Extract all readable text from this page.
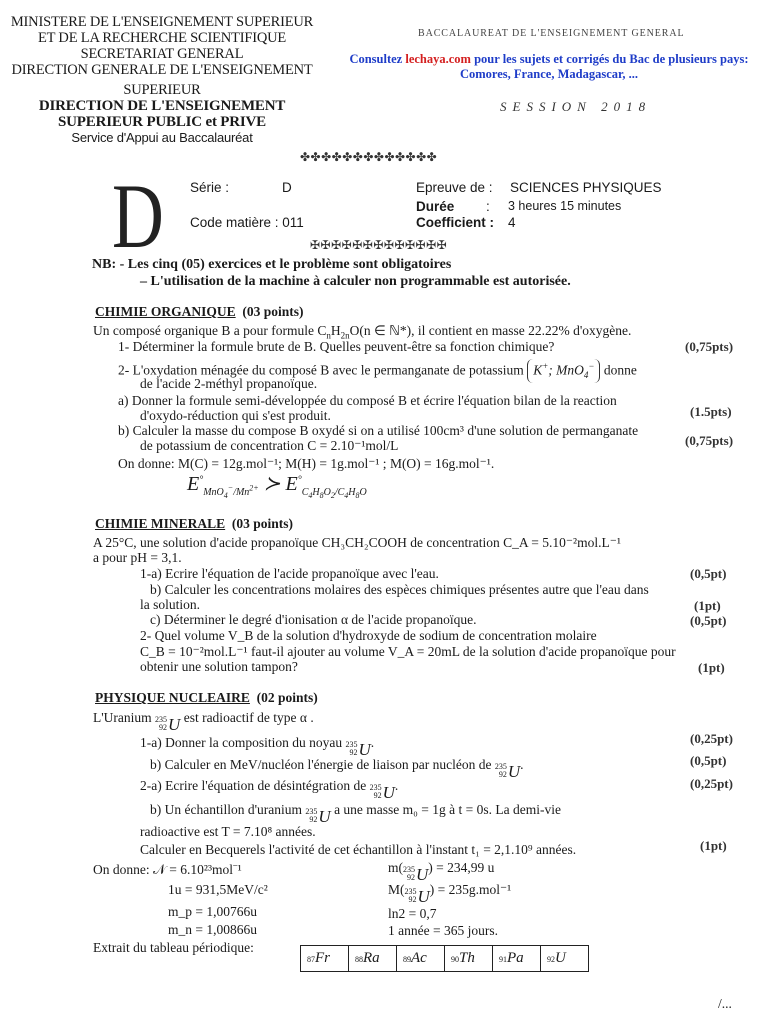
MINISTERE DE L'ENSEIGNEMENT SUPERIEUR
ET DE LA RECHERCHE SCIENTIFIQUE
SECRETARIAT GENERAL
DIRECTION GENERALE DE L'ENSEIGNEMENT
SUPERIEUR
DIRECTION DE L'ENSEIGNEMENT
SUPERIEUR PUBLIC et PRIVE
Service d'Appui au Baccalauréat
BACCALAUREAT DE L'ENSEIGNEMENT GENERAL
Consultez lechaya.com pour les sujets et corrigés du Bac de plusieurs pays:
Comores, France, Madagascar, ...
SESSION 2018
✤✤✤✤✤✤✤✤✤✤✤✤✤
D Série :	D
Code matière : 011
Epreuve de : SCIENCES PHYSIQUES
Durée : 3 heures 15 minutes
Coefficient : 4
✠✠✠✠✠✠✠✠✠✠✠✠✠
NB: - Les cinq (05) exercices et le problème sont obligatoires
– L'utilisation de la machine à calculer non programmable est autorisée.
CHIMIE ORGANIQUE (03 points)
Un composé organique B a pour formule $C_nH_{2n}O(n$ ∈ ℕ*), il contient en masse 22.22% d'oxygène.
1- Déterminer la formule brute de B. Quelles peuvent-être sa fonction chimique?	(0,75pts)
2- L'oxydation ménagée du composé B avec le permanganate de potassium K+; MnO$_4$− donne
de l'acide 2-méthyl propanoïque.
a) Donner la formule semi-développée du composé B et écrire l'équation bilan de la reaction
d'oxydo-réduction qui s'est produit.	(1.5pts)
b) Calculer la masse du compose B oxydé si on a utilisé 100cm³ d'une solution de permanganate
de potassium de concentration C = 2.10⁻¹mol/L	(0,75pts)
On donne: M(C) = 12g.mol⁻¹; M(H) = 1g.mol⁻¹ ; M(O) = 16g.mol⁻¹.
$E^\circ_{MnO_4^-/Mn^{2+}}$ ≻ $E^\circ_{C_4H_8O_2/C_4H_8O}$
CHIMIE MINERALE (03 points)
A 25°C, une solution d'acide propanoïque CH₃CH₂COOH de concentration C_A = 5.10⁻²mol.L⁻¹
a pour pH = 3,1.
1-a) Ecrire l'équation de l'acide propanoïque avec l'eau.	(0,5pt)
b) Calculer les concentrations molaires des espèces chimiques présentes autre que l'eau dans
la solution.	(1pt)
c) Déterminer le degré d'ionisation α de l'acide propanoïque.	(0,5pt)
2- Quel volume V_B de la solution d'hydroxyde de sodium de concentration molaire
C_B = 10⁻²mol.L⁻¹ faut-il ajouter au volume V_A = 20mL de la solution d'acide propanoïque pour
obtenir une solution tampon?	(1pt)
PHYSIQUE NUCLEAIRE (02 points)
L'Uranium 235
92 U est radioactif de type α .
1-a) Donner la composition du noyau 235
92 U .	(0,25pt)
b) Calculer en MeV/nucléon l'énergie de liaison par nucléon de 235
92 U .	(0,5pt)
2-a) Ecrire l'équation de désintégration de 235
92 U .	(0,25pt)
b) Un échantillon d'uranium 235
92 U a une masse m₀ = 1g à t = 0s. La demi-vie
radioactive est T = 7.10⁸ années.
Calculer en Becquerels l'activité de cet échantillon à l'instant t₁ = 2,1.10⁹ années.	(1pt)
On donne: 𝒩 = 6.10²³mol⁻¹
1u = 931,5MeV/c²
m_p = 1,00766u
m_n = 1,00866u
m( 235
92 U ) = 234,99 u
M( 235
92 U ) = 235g.mol⁻¹
ln2 = 0,7
1 année = 365 jours.
Extrait du tableau périodique:
87Fr	88Ra	89Ac	90Th	91Pa	92U
/...
